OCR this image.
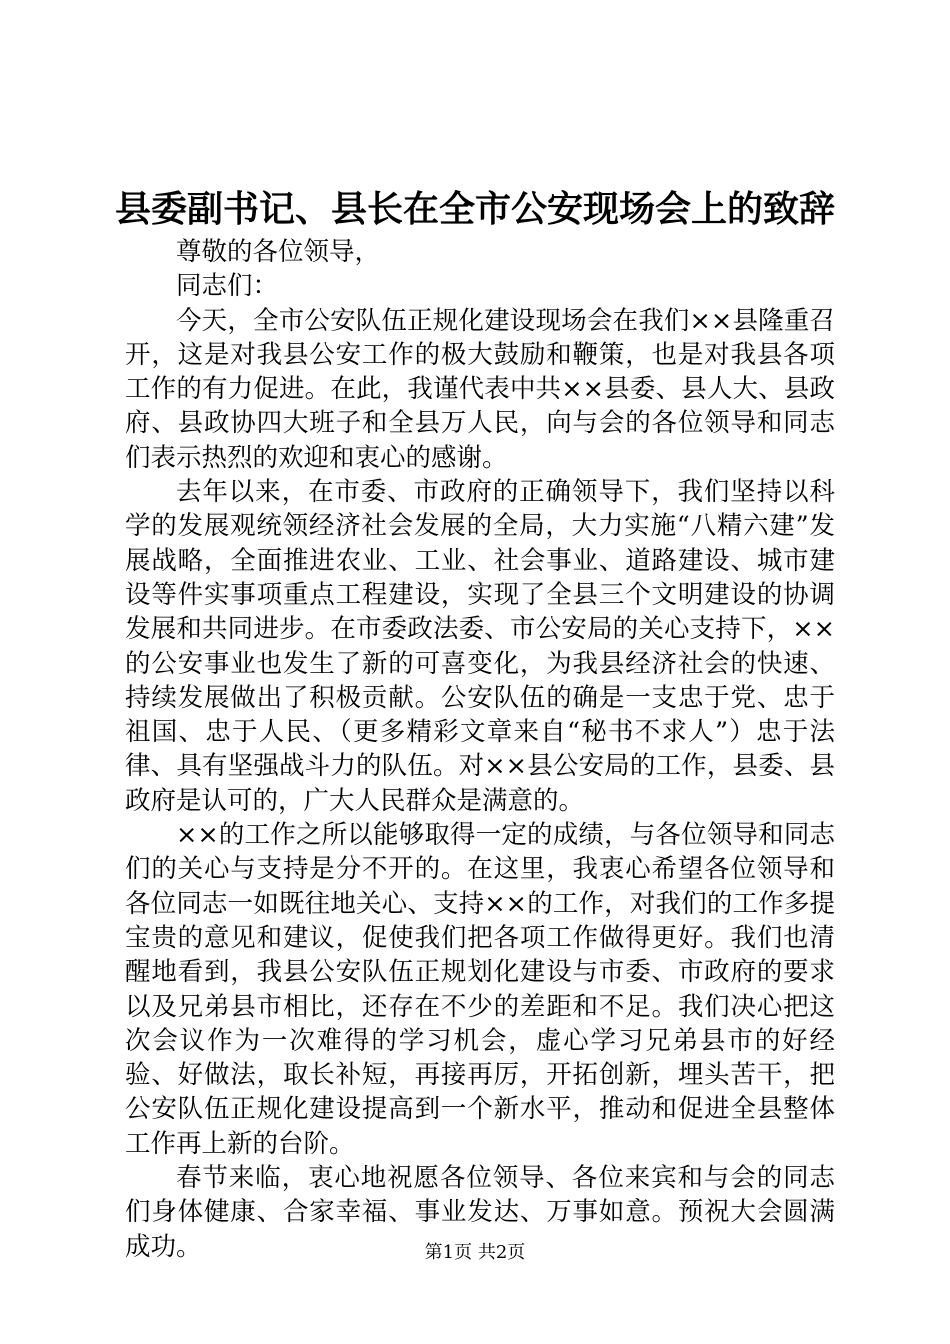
县委副书记、县长在全市公安现场会上的致辞

尊敬的各位领导，

同志们：

今天，全市公安队伍正规化建设现场会在我们××县隆重召开，这是对我县公安工作的极大鼓励和鞭策，也是对我县各项工作的有力促进。在此，我谨代表中共××县委、县人大、县政府、县政协四大班子和全县万人民，向与会的各位领导和同志们表示热烈的欢迎和衷心的感谢。

去年以来，在市委、市政府的正确领导下，我们坚持以科学的发展观统领经济社会发展的全局，大力实施“八精六建”发展战略，全面推进农业、工业、社会事业、道路建设、城市建设等件实事项重点工程建设，实现了全县三个文明建设的协调发展和共同进步。在市委政法委、市公安局的关心支持下，××的公安事业也发生了新的可喜变化，为我县经济社会的快速、持续发展做出了积极贡献。公安队伍的确是一支忠于党、忠于祖国、忠于人民、（更多精彩文章来自“秘书不求人”）忠于法律、具有坚强战斗力的队伍。对××县公安局的工作，县委、县政府是认可的，广大人民群众是满意的。

××的工作之所以能够取得一定的成绩，与各位领导和同志们的关心与支持是分不开的。在这里，我衷心希望各位领导和各位同志一如既往地关心、支持××的工作，对我们的工作多提宝贵的意见和建议，促使我们把各项工作做得更好。我们也清醒地看到，我县公安队伍正规划化建设与市委、市政府的要求以及兄弟县市相比，还存在不少的差距和不足。我们决心把这次会议作为一次难得的学习机会，虚心学习兄弟县市的好经验、好做法，取长补短，再接再厉，开拓创新，埋头苦干，把公安队伍正规化建设提高到一个新水平，推动和促进全县整体工作再上新的台阶。

春节来临，衷心地祝愿各位领导、各位来宾和与会的同志们身体健康、合家幸福、事业发达、万事如意。预祝大会圆满成功。	第1页 共2页
